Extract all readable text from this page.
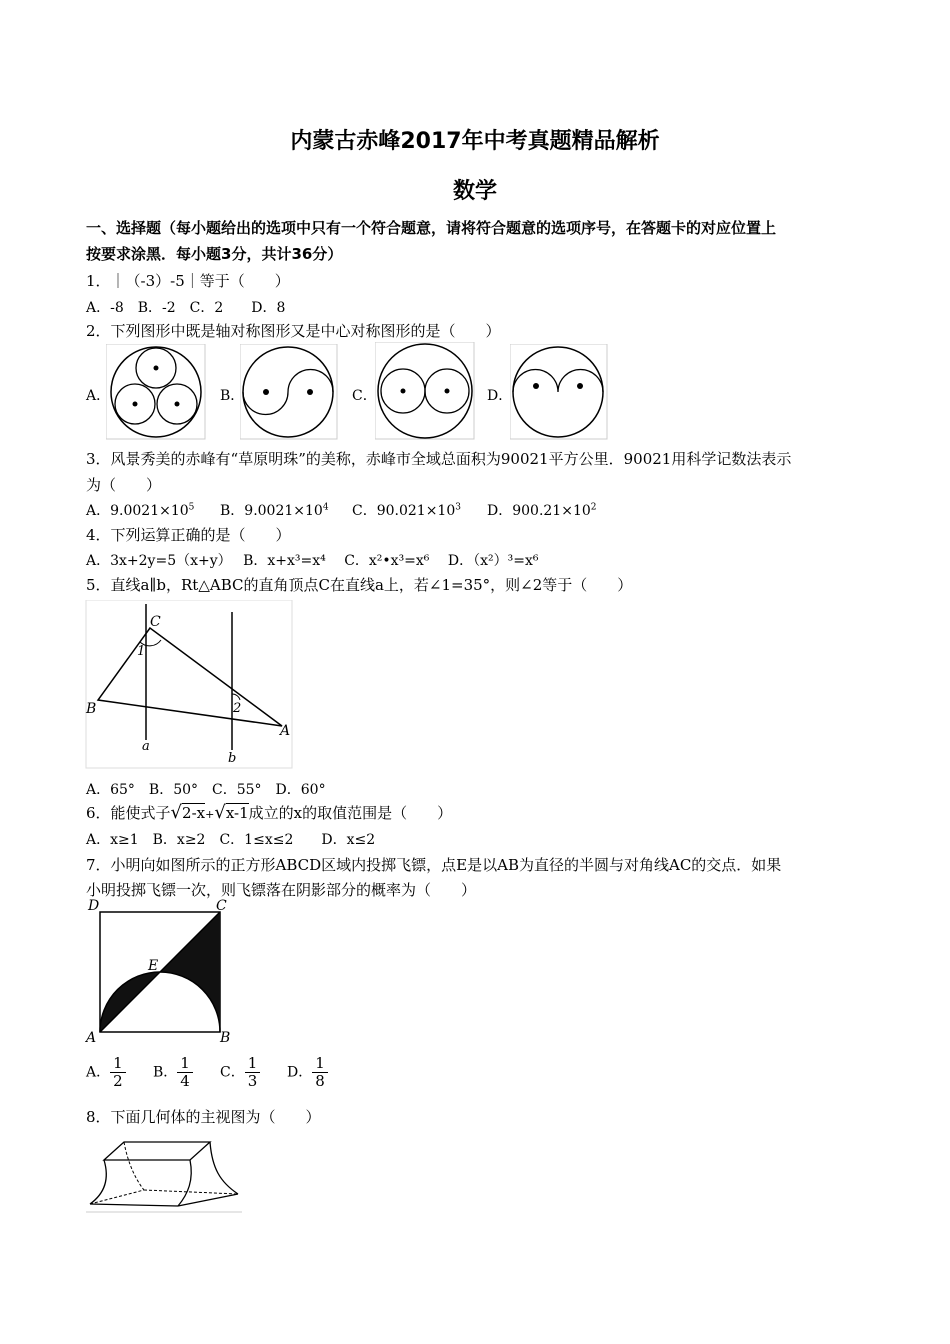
内蒙古赤峰2017年中考真题精品解析
数学
一、选择题（每小题给出的选项中只有一个符合题意，请将符合题意的选项序号，在答题卡的对应位置上
按要求涂黑．每小题3分，共计36分）
1．｜（-3）-5｜等于（　　）
A．-8　B．-2　C．2　　D．8
2．下列图形中既是轴对称图形又是中心对称图形的是（　　）
A．	B．	C．	D．
3．风景秀美的赤峰有“草原明珠”的美称，赤峰市全域总面积为90021平方公里．90021用科学记数法表示
为（　　）
A．$9.0021\times 10^5$ B．$9.0021\times 10^4$ C．$90.021\times 10^3$ D．$900.21\times 10^2$
4．下列运算正确的是（　　）
A．3x+2y=5（x+y）　 B．x+x³=x⁴　 C．x²•x³=x⁶　 D．（x²）³=x⁶
5．直线a∥b，Rt△ABC的直角顶点C在直线a上，若∠1=35°，则∠2等于（　　）
C
B
A
1
2
a
b
A．65°　B．50°　C．55°　D．60°
6．能使式子√2-x+√x-1成立的x的取值范围是（　　）
A．x≥1　B．x≥2　C．1≤x≤2　　D．x≤2
7．小明向如图所示的正方形ABCD区域内投掷飞镖，点E是以AB为直径的半圆与对角线AC的交点．如果
小明投掷飞镖一次，则飞镖落在阴影部分的概率为（　　）
D	C
E
A	B
A． $\frac{1}{2}$ B． $\frac{1}{4}$ C． $\frac{1}{3}$ D． $\frac{1}{8}$
8．下面几何体的主视图为（　　）
